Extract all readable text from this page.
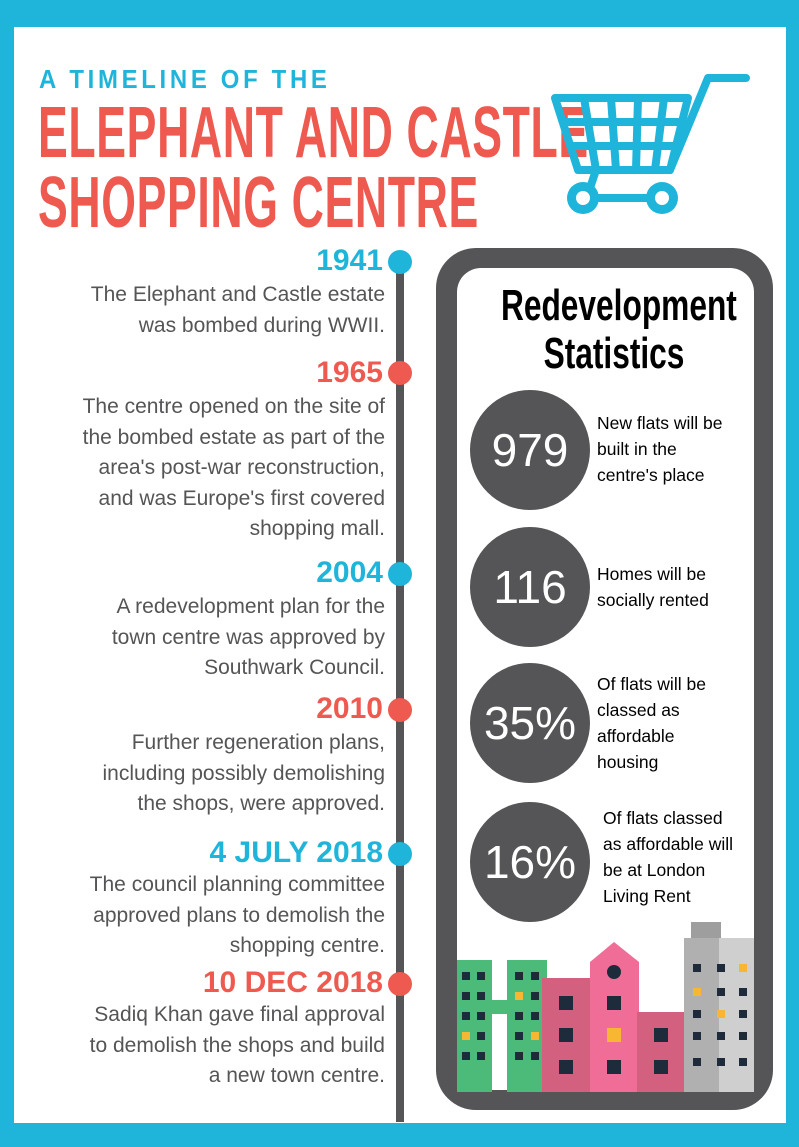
A TIMELINE OF THE
ELEPHANT AND CASTLE
SHOPPING CENTRE
1941
The Elephant and Castle estate
was bombed during WWII.
1965
The centre opened on the site of
the bombed estate as part of the
area's post-war reconstruction,
and was Europe's first covered
shopping mall.
2004
A redevelopment plan for the
town centre was approved by
Southwark Council.
2010
Further regeneration plans,
including possibly demolishing
the shops, were approved.
4 JULY 2018
The council planning committee
approved plans to demolish the
shopping centre.
10 DEC 2018
Sadiq Khan gave final approval
to demolish the shops and build
a new town centre.
Redevelopment
Statistics
979
New flats will be
built in the
centre's place
116 Homes will be
socially rented
35%
Of flats will be
classed as
affordable
housing
16%
Of flats classed
as affordable will
be at London
Living Rent
